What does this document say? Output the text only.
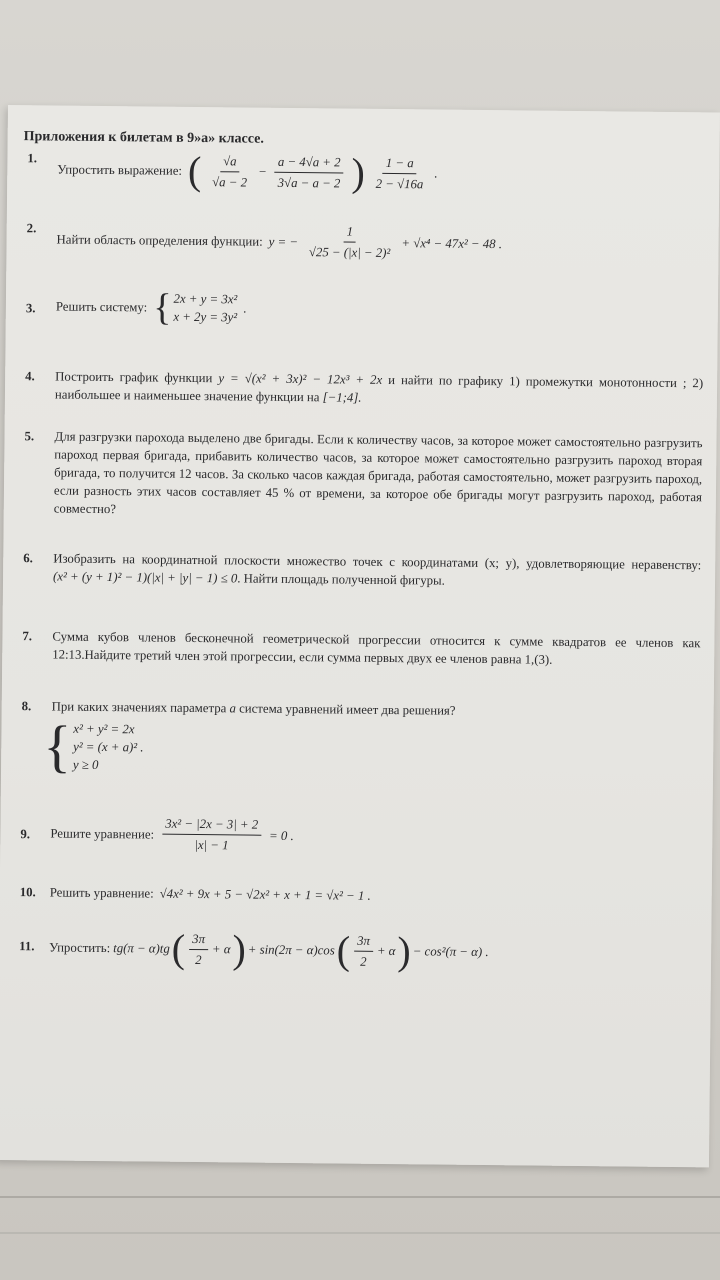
Приложения к билетам в 9»а» классе.
1.
Упростить выражение: ( $\frac{√a}{√a - 2} - \frac{a - 4√a + 2}{3√a - a - 2}$ ) $\frac{1 - a}{2 - √16a}$ .
2.
Найти область определения функции: y = − $\frac{1}{\text{√25 − (|x| − 2)²}} + √x^4 - 47x^2 - 48$ .
3.	Решить систему: { 2x + y = 3x²
x + 2y = 3y²
.
4.	Построить график функции y = √(x² + 3x)² − 12x³ + 2x и найти по графику 1) промежутки монотонности ; 2) наибольшее и наименьшее значение функции на [−1;4].
5.	Для разгрузки парохода выделено две бригады. Если к количеству часов, за которое может самостоятельно разгрузить пароход первая бригада, прибавить количество часов, за которое может самостоятельно разгрузить пароход вторая бригада, то получится 12 часов. За сколько часов каждая бригада, работая самостоятельно, может разгрузить пароход, если разность этих часов составляет 45 % от времени, за которое обе бригады могут разгрузить пароход, работая совместно?
6.	Изобразить на координатной плоскости множество точек с координатами (x; y), удовлетворяющие неравенству: (x² + (y + 1)² − 1)(|x| + |y| − 1) ≤ 0. Найти площадь полученной фигуры.
7.	Сумма кубов членов бесконечной геометрической прогрессии относится к сумме квадратов ее членов как 12:13.Найдите третий член этой прогрессии, если сумма первых двух ее членов равна 1,(3).
8.	При каких значениях параметра a система уравнений имеет два решения?
{ x² + y² = 2x
y² = (x + a)² .
y ≥ 0
9.	Решите уравнение: $\frac{\text{3x² − |2x − 3| + 2}}{|x| - 1} = 0$ .
10.	Решить уравнение: √4x² + 9x + 5 − √2x² + x + 1 = √x² − 1 .
11.	Упростить: tg(π − α)tg ( $\frac{3\pi}{2} + \alpha$ ) + sin(2π − α)cos ( $\frac{3\pi}{2} + \alpha$ ) − cos²(π − α) .
